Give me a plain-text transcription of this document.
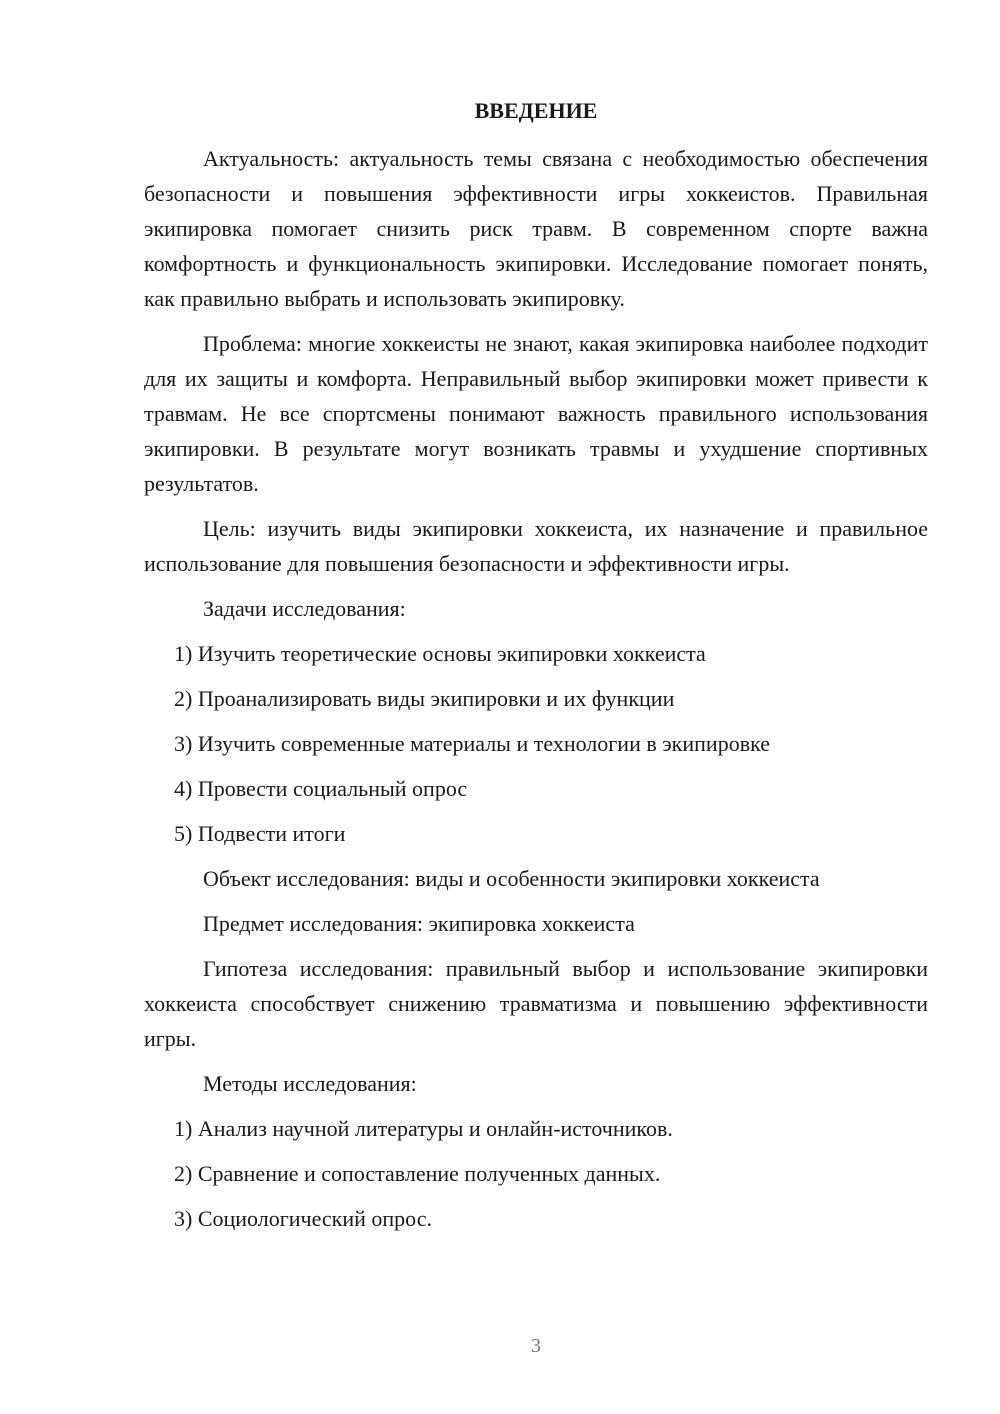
ВВЕДЕНИЕ

Актуальность: актуальность темы связана с необходимостью обеспечения безопасности и повышения эффективности игры хоккеистов. Правильная экипировка помогает снизить риск травм. В современном спорте важна комфортность и функциональность экипировки. Исследование помогает понять, как правильно выбрать и использовать экипировку.

Проблема: многие хоккеисты не знают, какая экипировка наиболее подходит для их защиты и комфорта. Неправильный выбор экипировки может привести к травмам. Не все спортсмены понимают важность правильного использования экипировки. В результате могут возникать травмы и ухудшение спортивных результатов.

Цель: изучить виды экипировки хоккеиста, их назначение и правильное использование для повышения безопасности и эффективности игры.

Задачи исследования:

1) Изучить теоретические основы экипировки хоккеиста
2) Проанализировать виды экипировки и их функции
3) Изучить современные материалы и технологии в экипировке
4) Провести социальный опрос
5) Подвести итоги

Объект исследования: виды и особенности экипировки хоккеиста

Предмет исследования: экипировка хоккеиста

Гипотеза исследования: правильный выбор и использование экипировки хоккеиста способствует снижению травматизма и повышению эффективности игры.

Методы исследования:

1) Анализ научной литературы и онлайн-источников.
2) Сравнение и сопоставление полученных данных.
3) Социологический опрос.
3
